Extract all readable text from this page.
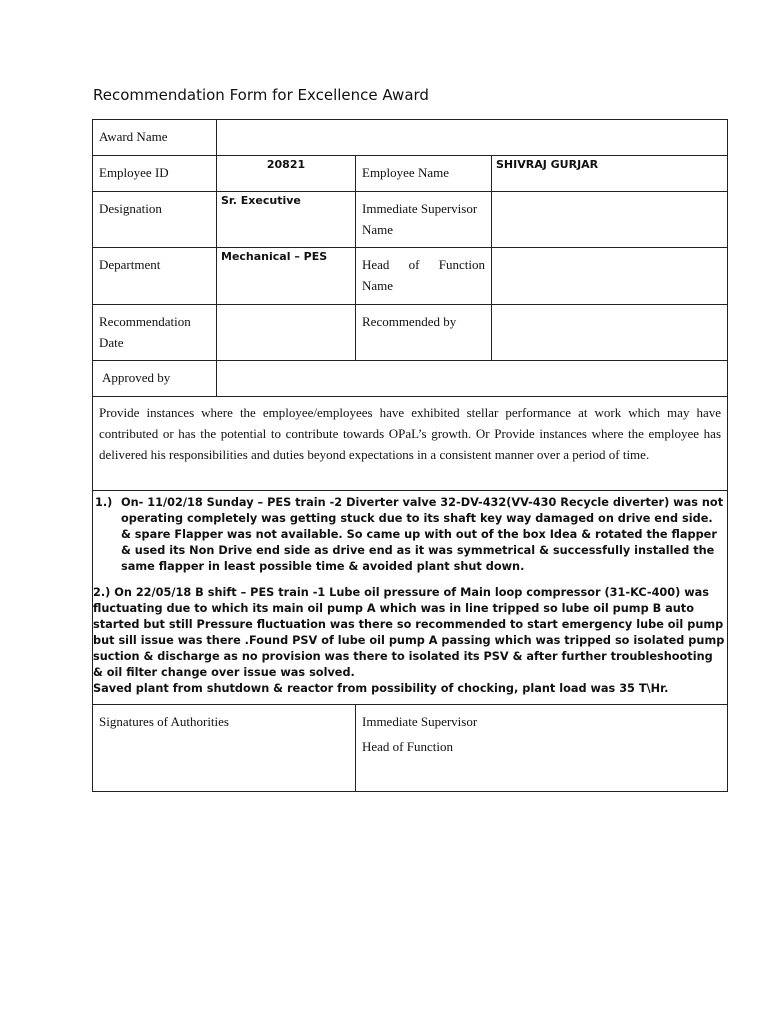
Recommendation Form for Excellence Award
Award Name			
Employee ID	20821	Employee Name	SHIVRAJ GURJAR
Designation	Sr. Executive	Immediate Supervisor Name	
Department	Mechanical – PES	Head of Function Name	
Recommendation Date		Recommended by	
Approved by			
Provide instances where the employee/employees have exhibited stellar performance at work which may have contributed or has the potential to contribute towards OPaL’s growth. Or Provide instances where the employee has delivered his responsibilities and duties beyond expectations in a consistent manner over a period of time.			

1.) On- 11/02/18 Sunday – PES train -2 Diverter valve 32-DV-432(VV-430 Recycle diverter) was not operating completely was getting stuck due to its shaft key way damaged on drive end side. & spare Flapper was not available. So came up with out of the box Idea & rotated the flapper & used its Non Drive end side as drive end as it was symmetrical & successfully installed the same flapper in least possible time & avoided plant shut down.
2.) On 22/05/18 B shift – PES train -1 Lube oil pressure of Main loop compressor (31-KC-400) was fluctuating due to which its main oil pump A which was in line tripped so lube oil pump B auto started but still Pressure fluctuation was there so recommended to start emergency lube oil pump but sill issue was there .Found PSV of lube oil pump A passing which was tripped so isolated pump suction & discharge as no provision was there to isolated its PSV & after further troubleshooting & oil filter change over issue was solved.
Saved plant from shutdown & reactor from possibility of chocking, plant load was 35 T\Hr.			

Signatures of Authorities		Immediate Supervisor
Head of Function	
